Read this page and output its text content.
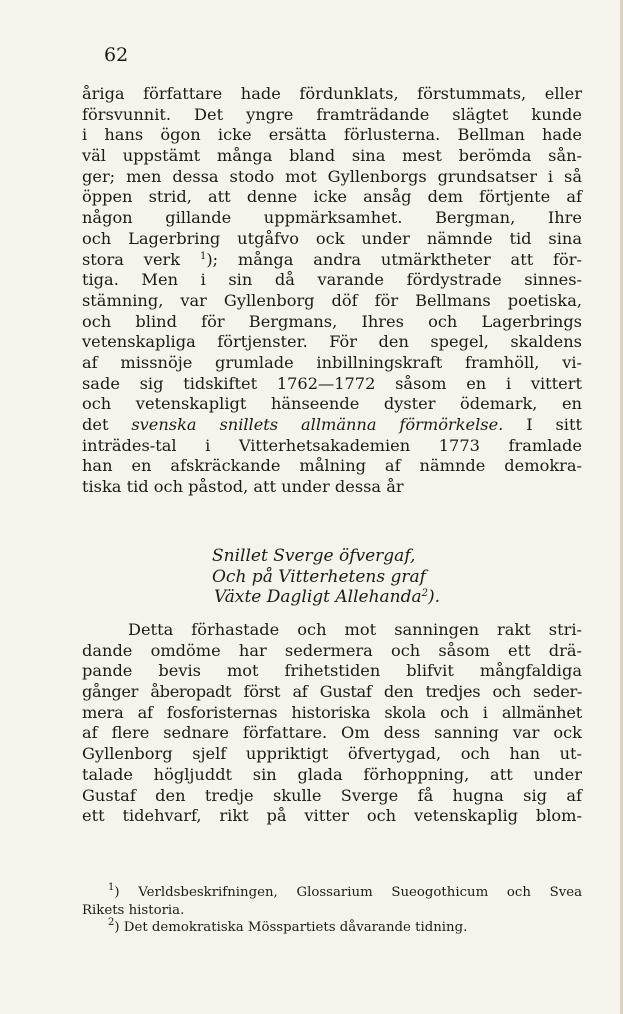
62
åriga författare hade fördunklats, förstummats, eller
försvunnit. Det yngre framträdande slägtet kunde
i hans ögon icke ersätta förlusterna. Bellman hade
väl uppstämt många bland sina mest berömda sån-
ger; men dessa stodo mot Gyllenborgs grundsatser i så
öppen strid, att denne icke ansåg dem förtjente af
någon gillande uppmärksamhet. Bergman, Ihre
och Lagerbring utgåfvo ock under nämnde tid sina
stora verk $^1$); många andra utmärktheter att för-
tiga. Men i sin då varande fördystrade sinnes-
stämning, var Gyllenborg döf för Bellmans poetiska,
och blind för Bergmans, Ihres och Lagerbrings
vetenskapliga förtjenster. För den spegel, skaldens
af missnöje grumlade inbillningskraft framhöll, vi-
sade sig tidskiftet 1762—1772 såsom en i vittert
och vetenskapligt hänseende dyster ödemark, en
det svenska snillets allmänna förmörkelse. I sitt
inträdes-tal i Vitterhetsakademien 1773 framlade
han en afskräckande målning af nämnde demokra-
tiska tid och påstod, att under dessa år
Snillet Sverge öfvergaf,
Och på Vitterhetens graf
Växte Dagligt Allehanda$^2$).
Detta förhastade och mot sanningen rakt stri-
dande omdöme har sedermera och såsom ett drä-
pande bevis mot frihetstiden blifvit mångfaldiga
gånger åberopadt först af Gustaf den tredjes och seder-
mera af fosforisternas historiska skola och i allmänhet
af flere sednare författare. Om dess sanning var ock
Gyllenborg sjelf uppriktigt öfvertygad, och han ut-
talade högljuddt sin glada förhoppning, att under
Gustaf den tredje skulle Sverge få hugna sig af
ett tidehvarf, rikt på vitter och vetenskaplig blom-
$^1$) Verldsbeskrifningen, Glossarium Sueogothicum och Svea
Rikets historia.
$^2$) Det demokratiska Mösspartiets dåvarande tidning.
